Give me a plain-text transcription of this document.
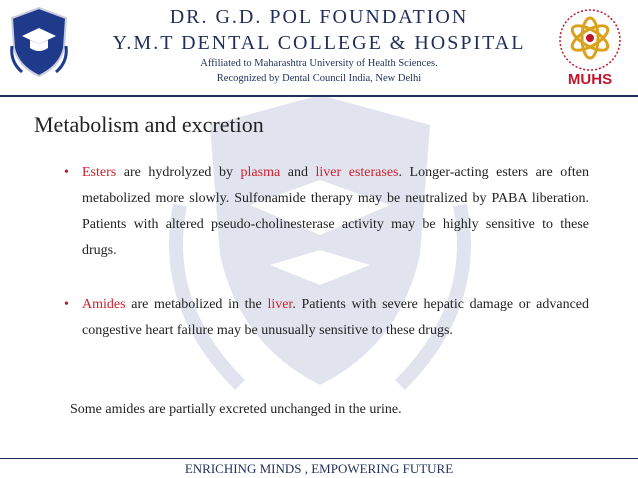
DR. G.D. POL FOUNDATION
Y.M.T DENTAL COLLEGE & HOSPITAL
Affiliated to Maharashtra University of Health Sciences.
Recognized by Dental Council India, New Delhi	MUHS
Metabolism and excretion
• Esters are hydrolyzed by plasma and liver esterases. Longer-acting esters are often metabolized more slowly. Sulfonamide therapy may be neutralized by PABA liberation. Patients with altered pseudo-cholinesterase activity may be highly sensitive to these drugs.
• Amides are metabolized in the liver. Patients with severe hepatic damage or advanced congestive heart failure may be unusually sensitive to these drugs.
Some amides are partially excreted unchanged in the urine.
ENRICHING MINDS , EMPOWERING FUTURE
